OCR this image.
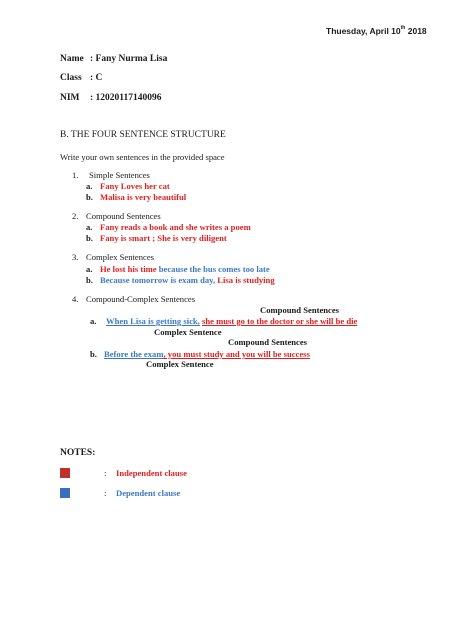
Thuesday, April 10th 2018
Name : Fany Nurma Lisa
Class : C
NIM : 12020117140096
B. THE FOUR SENTENCE STRUCTURE
Write your own sentences in the provided space
1. Simple Sentences
a. Fany Loves her cat
b. Malisa is very beautiful
2. Compound Sentences
a. Fany reads a book and she writes a poem
b. Fany is smart ; She is very diligent
3. Complex Sentences
a. He lost his time because the bus comes too late
b. Because tomorrow is exam day, Lisa is studying
4. Compound-Complex Sentences
Compound Sentences
a. When Lisa is getting sick, she must go to the doctor or she will be die
Complex Sentence
Compound Sentences
b. Before the exam, you must study and you will be success
Complex Sentence
NOTES:
: Independent clause
: Dependent clause
